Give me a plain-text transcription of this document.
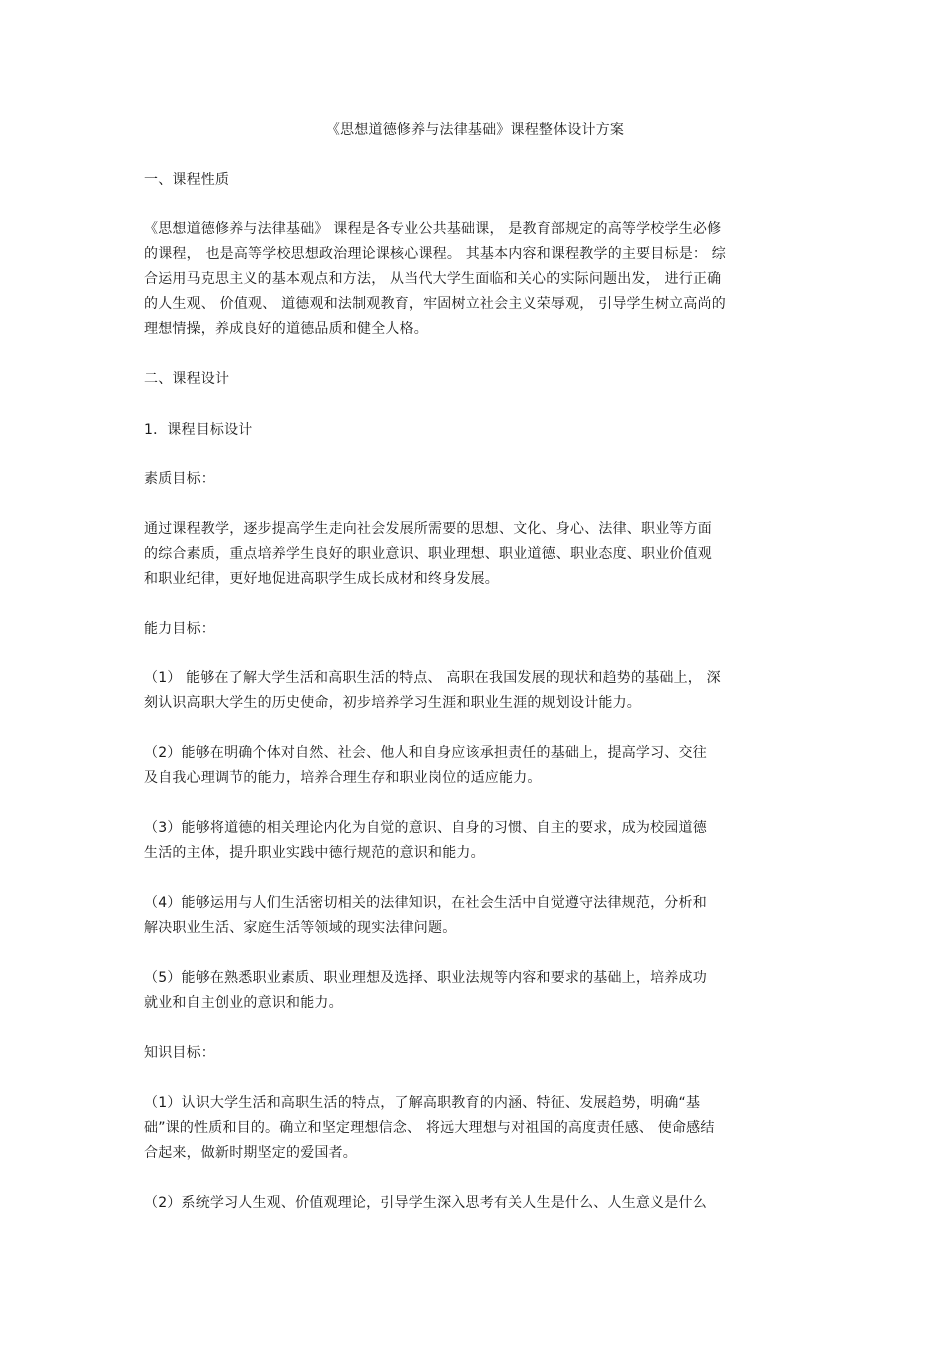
《思想道德修养与法律基础》课程整体设计方案

一、课程性质

《思想道德修养与法律基础》 课程是各专业公共基础课， 是教育部规定的高等学校学生必修

的课程， 也是高等学校思想政治理论课核心课程。 其基本内容和课程教学的主要目标是： 综

合运用马克思主义的基本观点和方法， 从当代大学生面临和关心的实际问题出发， 进行正确

的人生观、 价值观、 道德观和法制观教育，牢固树立社会主义荣辱观， 引导学生树立高尚的

理想情操，养成良好的道德品质和健全人格。

二、课程设计

1．课程目标设计

素质目标：

通过课程教学，逐步提高学生走向社会发展所需要的思想、文化、身心、法律、职业等方面

的综合素质，重点培养学生良好的职业意识、职业理想、职业道德、职业态度、职业价值观

和职业纪律，更好地促进高职学生成长成材和终身发展。

能力目标：

（1） 能够在了解大学生活和高职生活的特点、 高职在我国发展的现状和趋势的基础上， 深

刻认识高职大学生的历史使命，初步培养学习生涯和职业生涯的规划设计能力。

（2）能够在明确个体对自然、社会、他人和自身应该承担责任的基础上，提高学习、交往

及自我心理调节的能力，培养合理生存和职业岗位的适应能力。

（3）能够将道德的相关理论内化为自觉的意识、自身的习惯、自主的要求，成为校园道德

生活的主体，提升职业实践中德行规范的意识和能力。

（4）能够运用与人们生活密切相关的法律知识，在社会生活中自觉遵守法律规范，分析和

解决职业生活、家庭生活等领域的现实法律问题。

（5）能够在熟悉职业素质、职业理想及选择、职业法规等内容和要求的基础上，培养成功

就业和自主创业的意识和能力。

知识目标：

（1）认识大学生活和高职生活的特点，了解高职教育的内涵、特征、发展趋势，明确“基

础”课的性质和目的。确立和坚定理想信念、 将远大理想与对祖国的高度责任感、 使命感结

合起来，做新时期坚定的爱国者。

（2）系统学习人生观、价值观理论，引导学生深入思考有关人生是什么、人生意义是什么
